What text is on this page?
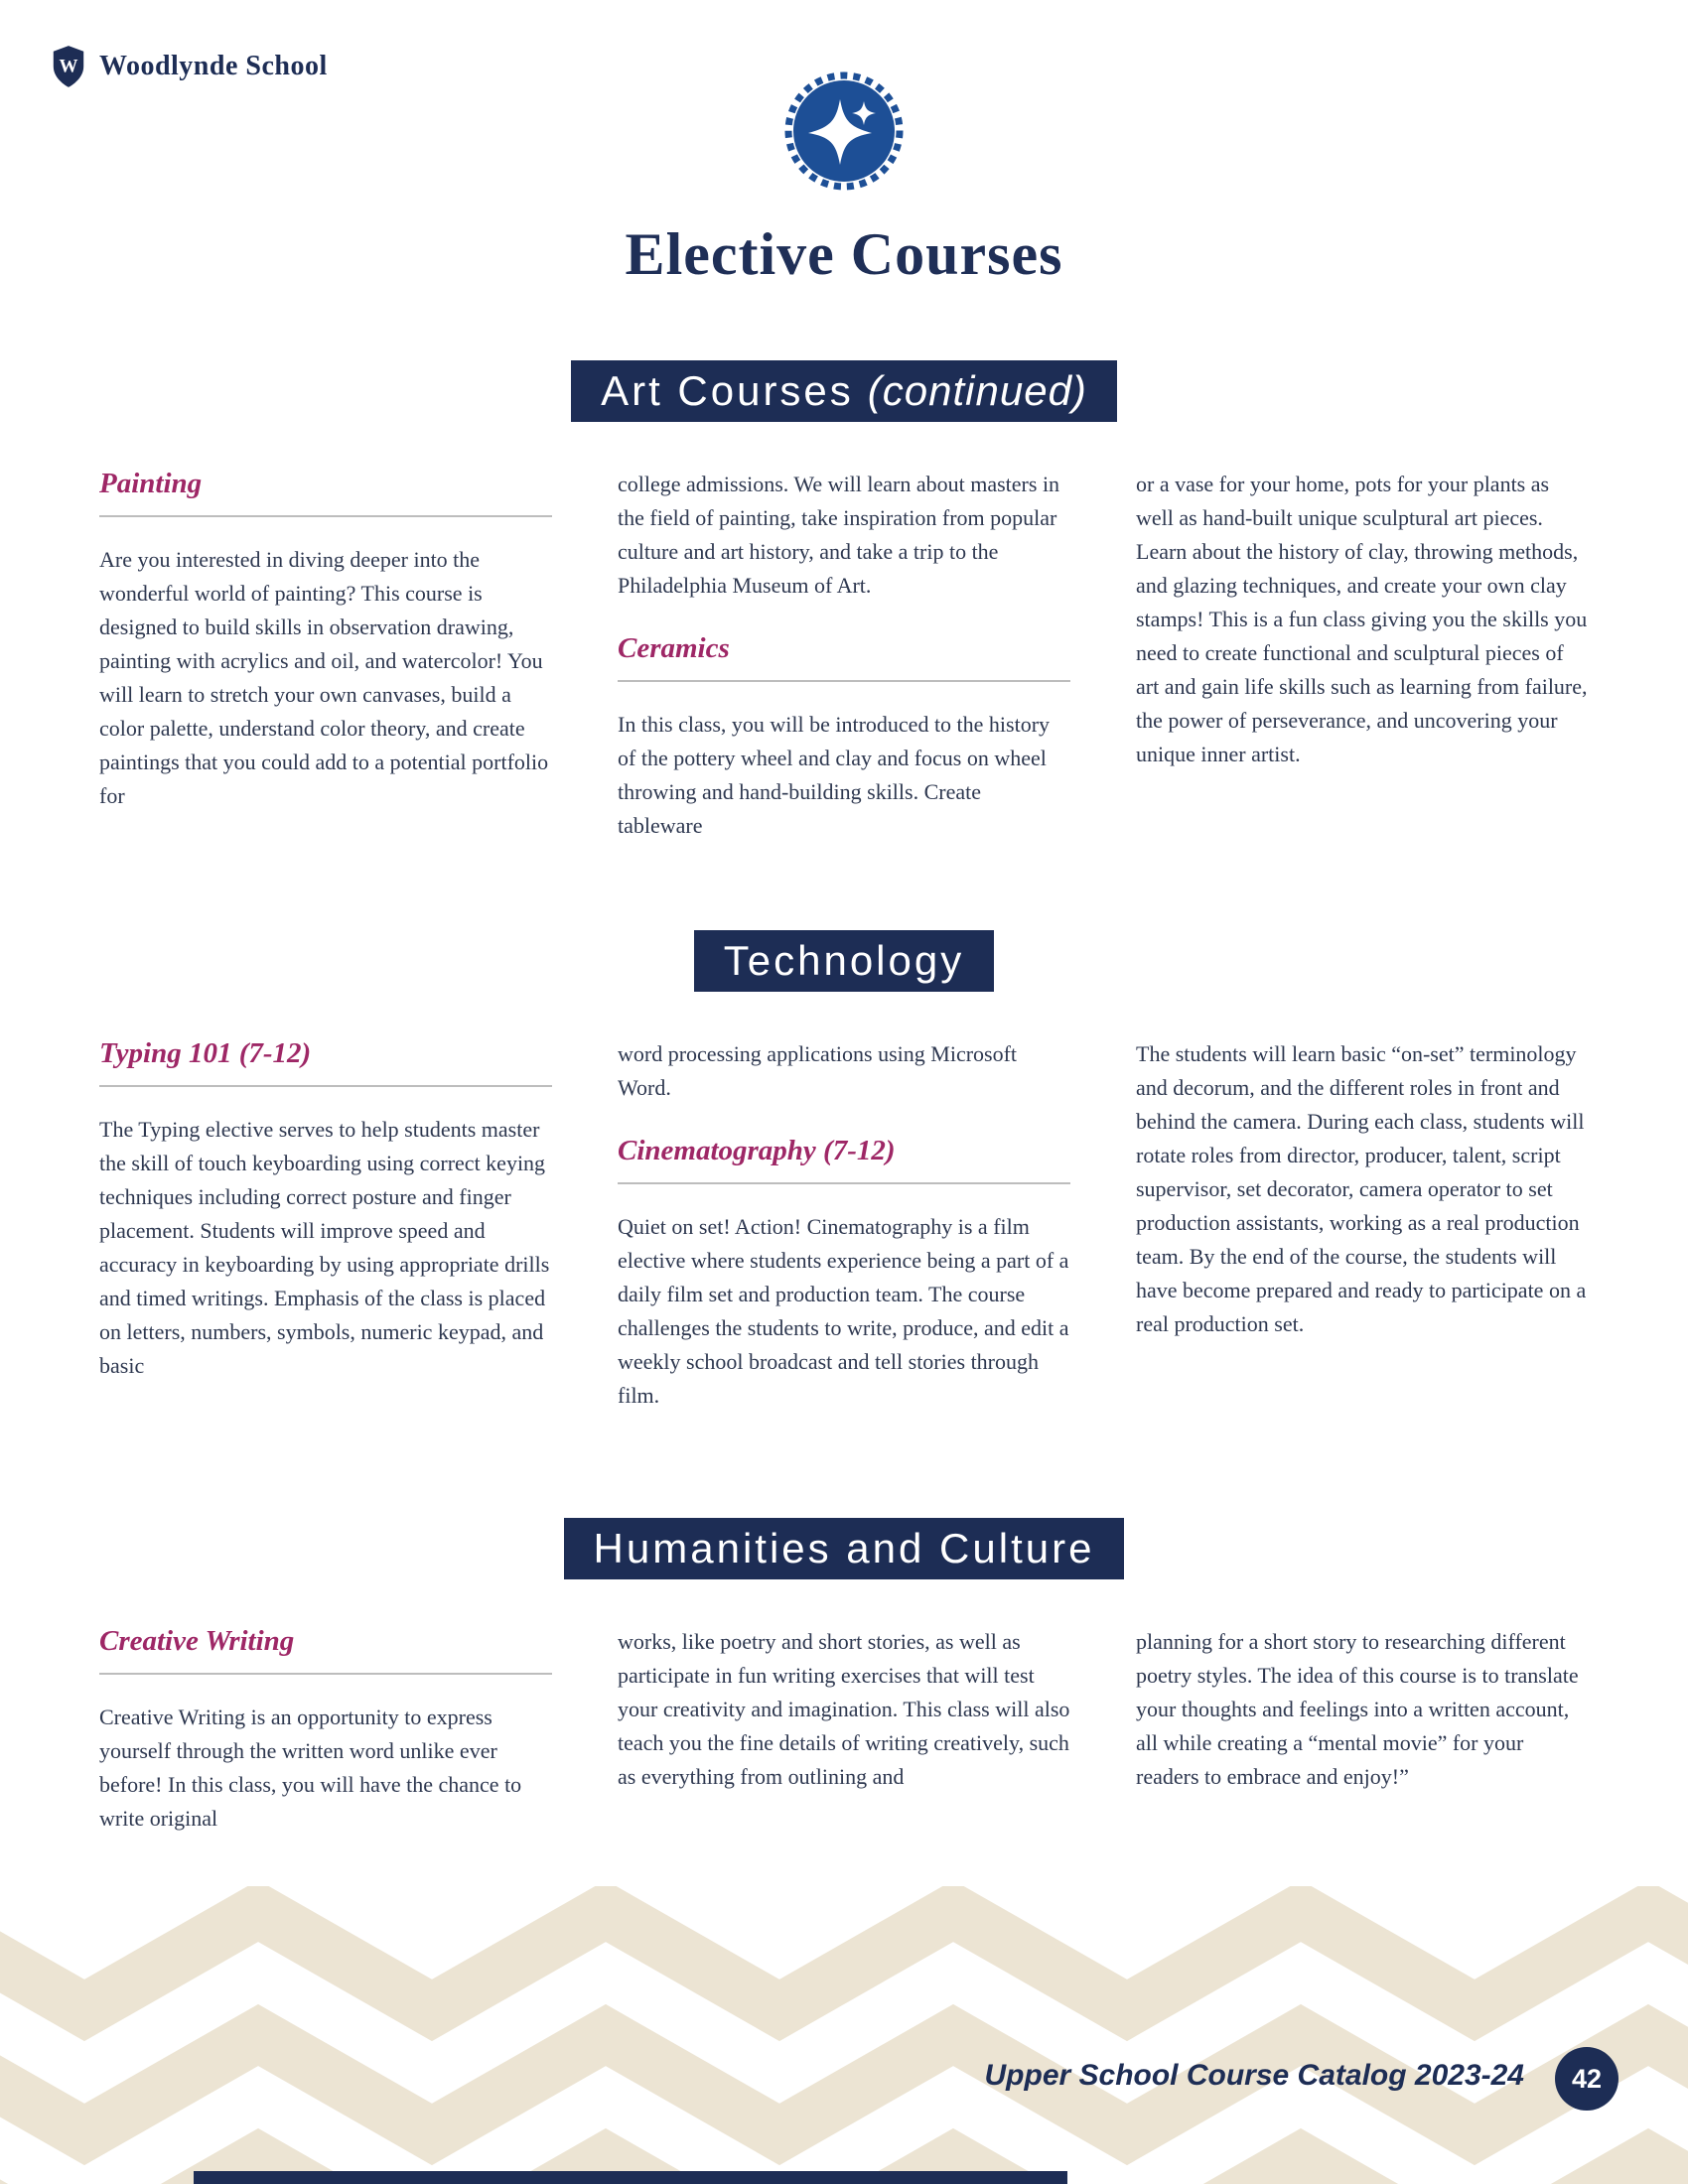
W Woodlynde School
Elective Courses
Art Courses (continued)
Painting

Are you interested in diving deeper into the wonderful world of painting? This course is designed to build skills in observation drawing, painting with acrylics and oil, and watercolor! You will learn to stretch your own canvases, build a color palette, understand color theory, and create paintings that you could add to a potential portfolio for

college admissions. We will learn about masters in the field of painting, take inspiration from popular culture and art history, and take a trip to the Philadelphia Museum of Art.

Ceramics

In this class, you will be introduced to the history of the pottery wheel and clay and focus on wheel throwing and hand-building skills. Create tableware

or a vase for your home, pots for your plants as well as hand-built unique sculptural art pieces. Learn about the history of clay, throwing methods, and glazing techniques, and create your own clay stamps! This is a fun class giving you the skills you need to create functional and sculptural pieces of art and gain life skills such as learning from failure, the power of perseverance, and uncovering your unique inner artist.

Technology
Typing 101 (7-12)

The Typing elective serves to help students master the skill of touch keyboarding using correct keying techniques including correct posture and finger placement. Students will improve speed and accuracy in keyboarding by using appropriate drills and timed writings. Emphasis of the class is placed on letters, numbers, symbols, numeric keypad, and basic

word processing applications using Microsoft Word.

Cinematography (7-12)

Quiet on set! Action! Cinematography is a film elective where students experience being a part of a daily film set and production team. The course challenges the students to write, produce, and edit a weekly school broadcast and tell stories through film.

The students will learn basic “on-set” terminology and decorum, and the different roles in front and behind the camera. During each class, students will rotate roles from director, producer, talent, script supervisor, set decorator, camera operator to set production assistants, working as a real production team. By the end of the course, the students will have become prepared and ready to participate on a real production set.

Humanities and Culture
Creative Writing

Creative Writing is an opportunity to express yourself through the written word unlike ever before! In this class, you will have the chance to write original

works, like poetry and short stories, as well as participate in fun writing exercises that will test your creativity and imagination. This class will also teach you the fine details of writing creatively, such as everything from outlining and

planning for a short story to researching different poetry styles. The idea of this course is to translate your thoughts and feelings into a written account, all while creating a “mental movie” for your readers to embrace and enjoy!”

Upper School Course Catalog 2023-24 42
